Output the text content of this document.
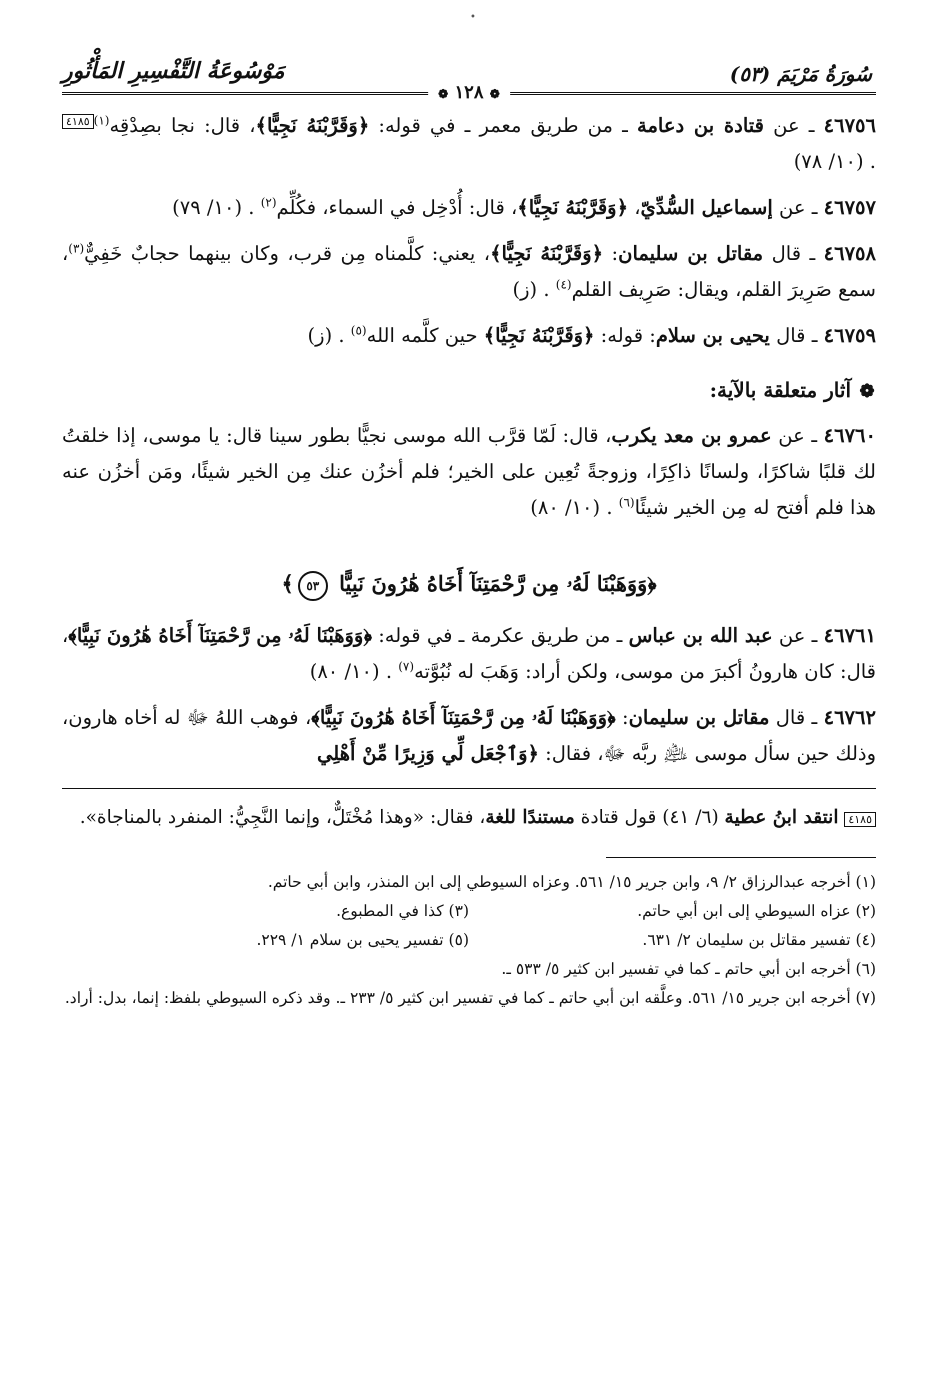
•
سُورَةُ مَرْيَمَ (٥٣)
مَوْسُوعَةُ التَّفْسِيرِ المَأْثُورِ
❁ ١٢٨ ❁
٤٦٧٥٦ ـ عن قتادة بن دعامة ـ من طريق معمر ـ في قوله: ﴿وَقَرَّبْنَهُ نَجِيًّا﴾، قال: نجا بصِدْقِه$^{(١)}$٤١٨٥ . (١٠/ ٧٨)
٤٦٧٥٧ ـ عن إسماعيل السُّدِّيّ، ﴿وَقَرَّبْنَهُ نَجِيًّا﴾، قال: أُدْخِل في السماء، فكُلِّم$^{(٢)}$ . (١٠/ ٧٩)
٤٦٧٥٨ ـ قال مقاتل بن سليمان: ﴿وَقَرَّبْنَهُ نَجِيًّا﴾، يعني: كلَّمناه مِن قرب، وكان بينهما حجابٌ خَفِيٌّ$^{(٣)}$، سمع صَرِيرَ القلم، ويقال: صَرِيف القلم$^{(٤)}$ . (ز)
٤٦٧٥٩ ـ قال يحيى بن سلام: قوله: ﴿وَقَرَّبْنَهُ نَجِيًّا﴾ حين كلَّمه الله$^{(٥)}$ . (ز)
❁ آثار متعلقة بالآية:
٤٦٧٦٠ ـ عن عمرو بن معد يكرب، قال: لَمّا قرَّب الله موسى نجيًّا بطور سينا قال: يا موسى، إذا خلقتُ لك قلبًا شاكرًا، ولسانًا ذاكِرًا، وزوجةً تُعِين على الخير؛ فلم أخزُن عنك مِن الخير شيئًا، ومَن أخزُن عنه هذا فلم أفتح له مِن الخير شيئًا$^{(٦)}$ . (١٠/ ٨٠)
﴿وَوَهَبْنَا لَهُۥ مِن رَّحْمَتِنَآ أَخَاهُ هَٰرُونَ نَبِيًّا ٥٣﴾
٤٦٧٦١ ـ عن عبد الله بن عباس ـ من طريق عكرمة ـ في قوله: ﴿وَوَهَبْنَا لَهُۥ مِن رَّحْمَتِنَآ أَخَاهُ هَٰرُونَ نَبِيًّا﴾، قال: كان هارونُ أكبرَ من موسى، ولكن أراد: وَهَبَ له نُبُوَّته$^{(٧)}$ . (١٠/ ٨٠)
٤٦٧٦٢ ـ قال مقاتل بن سليمان: ﴿وَوَهَبْنَا لَهُۥ مِن رَّحْمَتِنَآ أَخَاهُ هَٰرُونَ نَبِيًّا﴾، فوهب اللهُ ﷻ له أخاه هارون، وذلك حين سأل موسى ﵇ ربَّه ﷻ، فقال: ﴿وَٱجْعَل لِّي وَزِيرًا مِّنْ أَهْلِي
٤١٨٥ انتقد ابنُ عطية (٦/ ٤١) قول قتادة مستندًا للغة، فقال: «وهذا مُخْتَلٌّ، وإنما النَّجِيُّ: المنفرد بالمناجاة».
(١) أخرجه عبدالرزاق ٢/ ٩، وابن جرير ١٥/ ٥٦١. وعزاه السيوطي إلى ابن المنذر، وابن أبي حاتم.
(٢) عزاه السيوطي إلى ابن أبي حاتم.
(٣) كذا في المطبوع.
(٤) تفسير مقاتل بن سليمان ٢/ ٦٣١.
(٥) تفسير يحيى بن سلام ١/ ٢٢٩.
(٦) أخرجه ابن أبي حاتم ـ كما في تفسير ابن كثير ٥/ ٥٣٣ ـ.
(٧) أخرجه ابن جرير ١٥/ ٥٦١. وعلَّقه ابن أبي حاتم ـ كما في تفسير ابن كثير ٥/ ٢٣٣ ـ. وقد ذكره السيوطي بلفظ: إنما، بدل: أراد.
